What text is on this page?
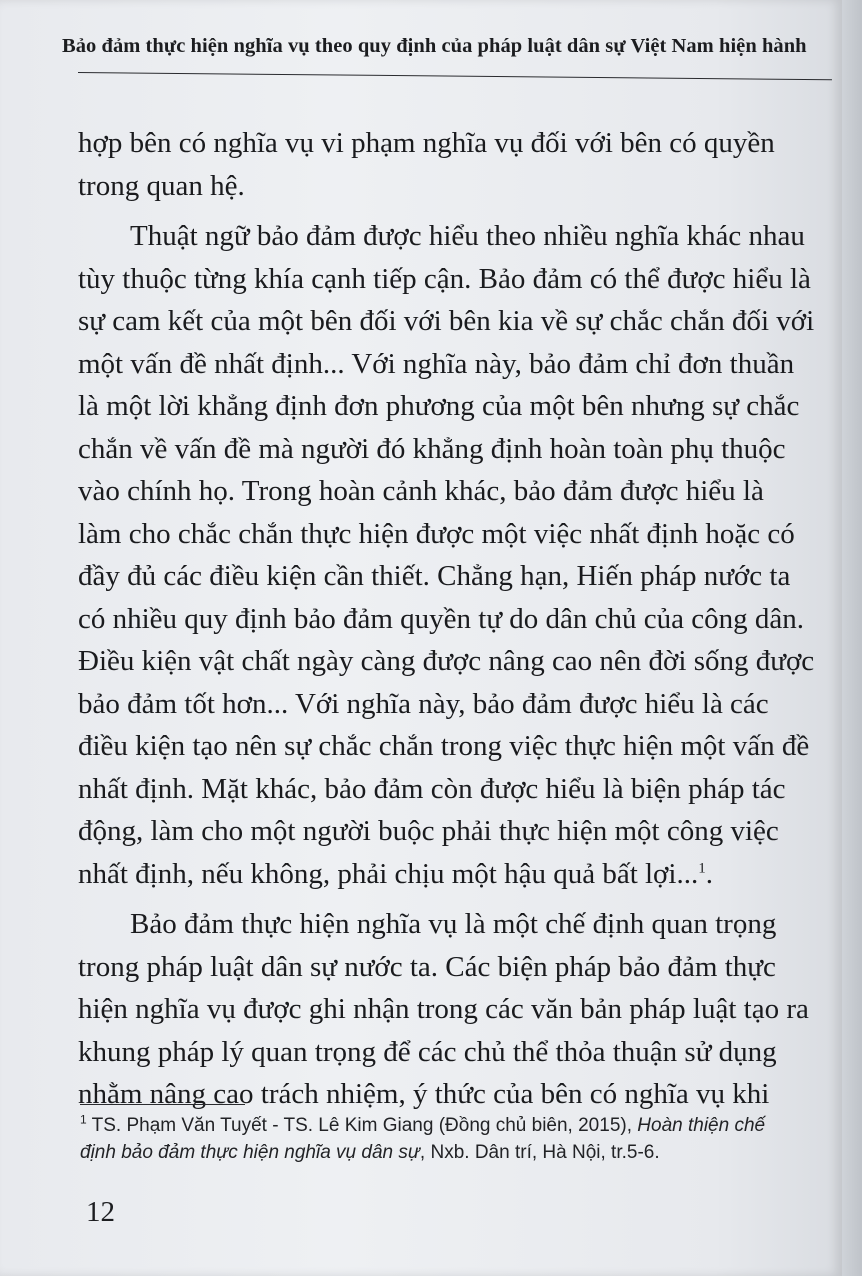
Bảo đảm thực hiện nghĩa vụ theo quy định của pháp luật dân sự Việt Nam hiện hành
hợp bên có nghĩa vụ vi phạm nghĩa vụ đối với bên có quyền
trong quan hệ.
Thuật ngữ bảo đảm được hiểu theo nhiều nghĩa khác nhau
tùy thuộc từng khía cạnh tiếp cận. Bảo đảm có thể được hiểu là
sự cam kết của một bên đối với bên kia về sự chắc chắn đối với
một vấn đề nhất định... Với nghĩa này, bảo đảm chỉ đơn thuần
là một lời khẳng định đơn phương của một bên nhưng sự chắc
chắn về vấn đề mà người đó khẳng định hoàn toàn phụ thuộc
vào chính họ. Trong hoàn cảnh khác, bảo đảm được hiểu là
làm cho chắc chắn thực hiện được một việc nhất định hoặc có
đầy đủ các điều kiện cần thiết. Chẳng hạn, Hiến pháp nước ta
có nhiều quy định bảo đảm quyền tự do dân chủ của công dân.
Điều kiện vật chất ngày càng được nâng cao nên đời sống được
bảo đảm tốt hơn... Với nghĩa này, bảo đảm được hiểu là các
điều kiện tạo nên sự chắc chắn trong việc thực hiện một vấn đề
nhất định. Mặt khác, bảo đảm còn được hiểu là biện pháp tác
động, làm cho một người buộc phải thực hiện một công việc
nhất định, nếu không, phải chịu một hậu quả bất lợi...$^1$.
Bảo đảm thực hiện nghĩa vụ là một chế định quan trọng
trong pháp luật dân sự nước ta. Các biện pháp bảo đảm thực
hiện nghĩa vụ được ghi nhận trong các văn bản pháp luật tạo ra
khung pháp lý quan trọng để các chủ thể thỏa thuận sử dụng
nhằm nâng cao trách nhiệm, ý thức của bên có nghĩa vụ khi
$^1$ TS. Phạm Văn Tuyết - TS. Lê Kim Giang (Đồng chủ biên, 2015), Hoàn thiện chế
định bảo đảm thực hiện nghĩa vụ dân sự, Nxb. Dân trí, Hà Nội, tr.5-6.
12
